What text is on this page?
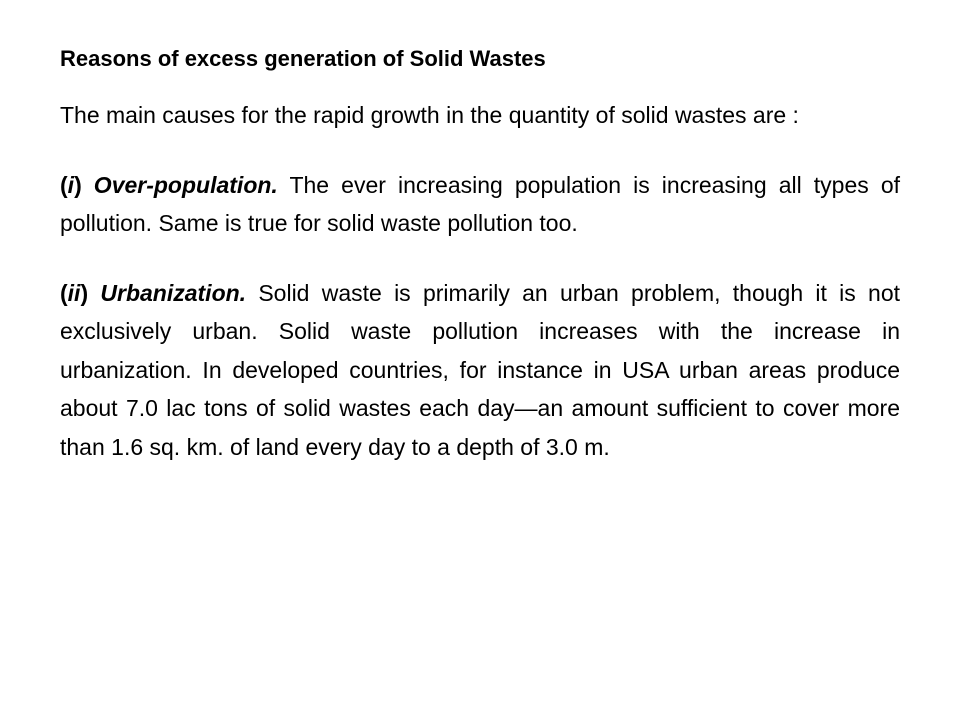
Reasons of excess generation of Solid Wastes
The main causes for the rapid growth in the quantity of solid wastes are :
(i) Over-population. The ever increasing population is increasing all types of pollution. Same is true for solid waste pollution too.
(ii) Urbanization. Solid waste is primarily an urban problem, though it is not exclusively urban. Solid waste pollution increases with the increase in urbanization. In developed countries, for instance in USA urban areas produce about 7.0 lac tons of solid wastes each day—an amount sufficient to cover more than 1.6 sq. km. of land every day to a depth of 3.0 m.
